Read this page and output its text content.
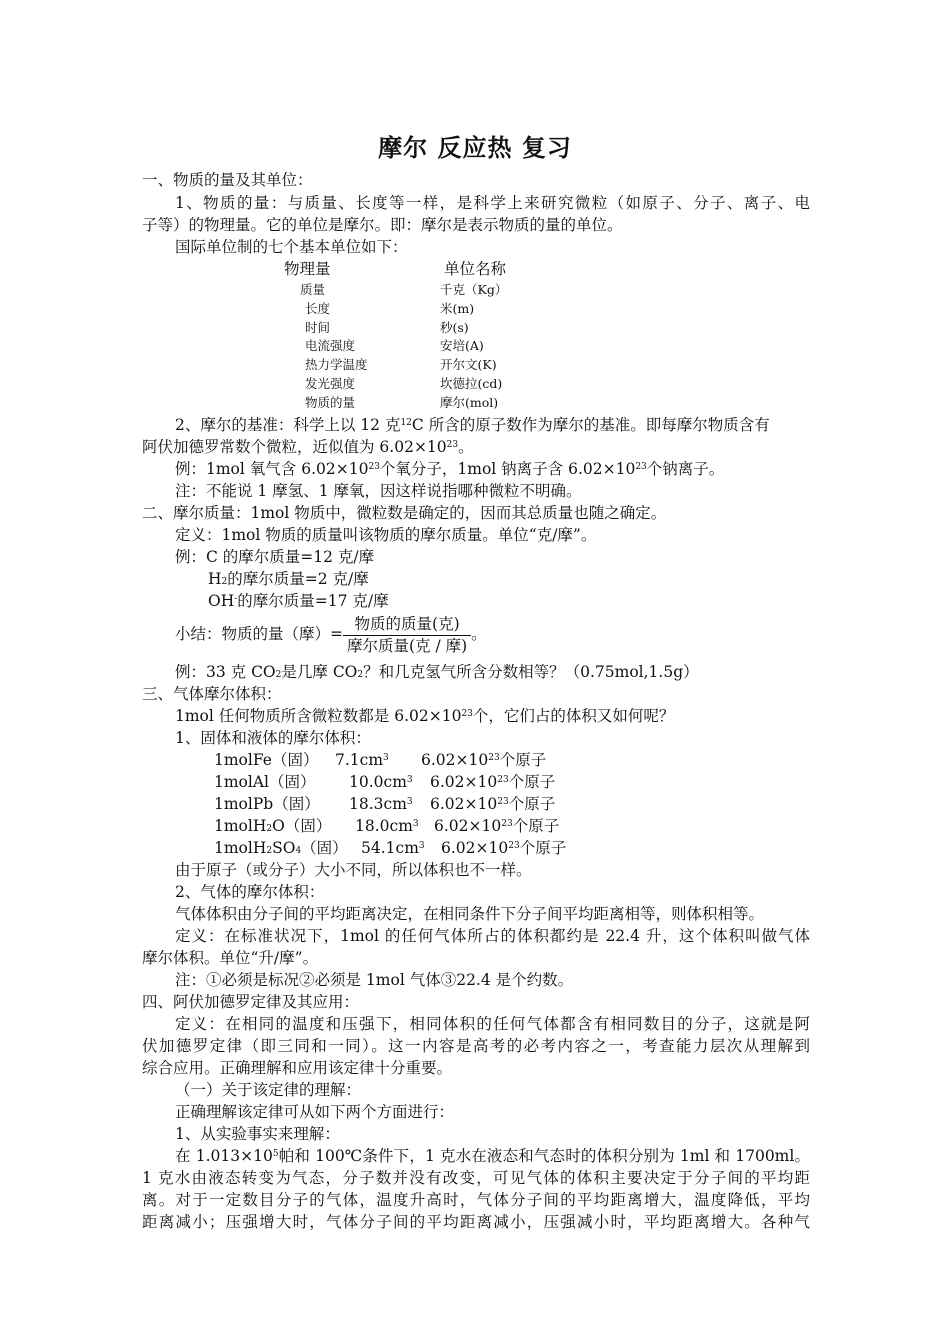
摩尔 反应热 复习
一、物质的量及其单位：
1、物质的量：与质量、长度等一样，是科学上来研究微粒（如原子、分子、离子、电
子等）的物理量。它的单位是摩尔。即：摩尔是表示物质的量的单位。
国际单位制的七个基本单位如下：
物理量	单位名称
质量	千克（Kg）
长度	米(m)
时间	秒(s)
电流强度	安培(A)
热力学温度	开尔文(K)
发光强度	坎德拉(cd)
物质的量	摩尔(mol)
2、摩尔的基准：科学上以 12 克$^{12}$C 所含的原子数作为摩尔的基准。即每摩尔物质含有
阿伏加德罗常数个微粒，近似值为 $6.02\times 10^{23}$。
例：1mol 氧气含 $6.02\times 10^{23}$个氧分子，1mol 钠离子含 $6.02\times 10^{23}$个钠离子。
注：不能说 1 摩氢、1 摩氧，因这样说指哪种微粒不明确。
二、摩尔质量：1mol 物质中，微粒数是确定的，因而其总质量也随之确定。
定义：1mol 物质的质量叫该物质的摩尔质量。单位“克/摩”。
例：C 的摩尔质量=12 克/摩
$H_2$的摩尔质量=2 克/摩
OH-的摩尔质量=17 克/摩
小结：物质的量（摩）= $\frac{\text{物质的质量(克)}}{\text{摩尔质量(克 / 摩)}}$ 。
例：33 克 $CO_2$是几摩 $CO_2$？和几克氢气所含分数相等？（0.75mol,1.5g）
三、气体摩尔体积：
1mol 任何物质所含微粒数都是 $6.02\times 10^{23}$个，它们占的体积又如何呢？
1、固体和液体的摩尔体积：
1molFe（固）	$7.1cm^3$	$6.02\times 10^{23}$个原子
1molAl（固）	$10.0cm^3$	$6.02\times 10^{23}$个原子
1molPb（固）	$18.3cm^3$	$6.02\times 10^{23}$个原子
1molH$_2$O（固）	$18.0cm^3$ $6.02\times 10^{23}$个原子
$1molH_2SO_4$（固） $54.1cm^3$	$6.02\times 10^{23}$个原子
由于原子（或分子）大小不同，所以体积也不一样。
2、气体的摩尔体积：
气体体积由分子间的平均距离决定，在相同条件下分子间平均距离相等，则体积相等。
定义：在标准状况下，1mol 的任何气体所占的体积都约是 22.4 升，这个体积叫做气体
摩尔体积。单位“升/摩”。
注：①必须是标况②必须是 1mol 气体③22.4 是个约数。
四、阿伏加德罗定律及其应用：
定义：在相同的温度和压强下，相同体积的任何气体都含有相同数目的分子，这就是阿
伏加德罗定律（即三同和一同）。这一内容是高考的必考内容之一，考查能力层次从理解到
综合应用。正确理解和应用该定律十分重要。
（一）关于该定律的理解：
正确理解该定律可从如下两个方面进行：
1、从实验事实来理解：
在 $1.013\times 10^5$帕和 100℃条件下，1 克水在液态和气态时的体积分别为 1ml 和 1700ml。
1 克水由液态转变为气态，分子数并没有改变，可见气体的体积主要决定于分子间的平均距
离。对于一定数目分子的气体，温度升高时，气体分子间的平均距离增大，温度降低，平均
距离减小；压强增大时，气体分子间的平均距离减小，压强减小时，平均距离增大。各种气
